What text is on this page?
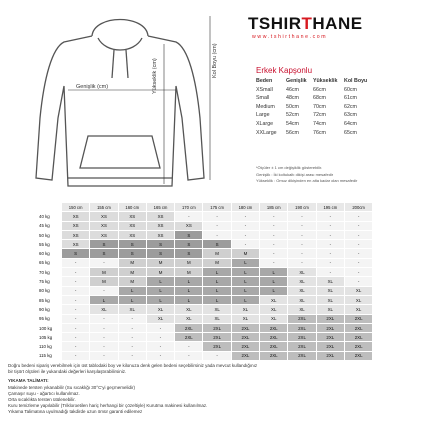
Genişlik (cm)	Yükseklik (cm)	Kol Boyu (cm)
TSHIRTHANE
www.tshirthane.com
Erkek Kapşonlu
Beden	Genişlik	Yükseklik	Kol Boyu
XSmall	46cm	66cm	60cm
Small	48cm	68cm	61cm
Medium	50cm	70cm	62cm
Large	52cm	72cm	63cm
XLarge	54cm	74cm	64cm
XXLarge	56cm	76cm	65cm
*Ölçüler ± 1 cm değişiklik gösterebilir.
Genişlik : İki koltukaltı dikişi arası mesafedir
Yükseklik : Omuz dikişinden en alta kadar olan mesafedir
	150 cm	155 cm	160 cm	165 cm	170 cm	175 cm	180 cm	185 cm	190 cm	195 cm	200cm
40 kg	XS	XS	XS	XS	-	-	-	-	-	-	-
45 kg	XS	XS	XS	XS	XS	-	-	-	-	-	-
50 kg	XS	XS	XS	XS	S	-	-	-	-	-	-
55 kg	XS	S	S	S	S	S	-	-	-	-	-
60 kg	S	S	S	S	S	M	M	-	-	-	-
65 kg	-	-	M	M	M	M	L	-	-	-	-
70 kg	-	M	M	M	M	L	L	L	XL	-	-
75 kg	-	M	M	L	L	L	L	L	XL	XL	-
80 kg	-	-	L	L	L	L	L	L	XL	XL	XL
85 kg	-	L	L	L	L	L	L	XL	XL	XL	XL
90 kg	-	XL	XL	XL	XL	XL	XL	XL	XL	XL	XL
95 kg	-	-	-	XL	XL	XL	XL	XL	2XL	2XL	2XL
100 kg	-	-	-	-	2XL	2XL	2XL	2XL	2XL	2XL	2XL
105 kg	-	-	-	-	2XL	2XL	2XL	2XL	2XL	2XL	2XL
110 kg	-	-	-	-	-	2XL	2XL	2XL	2XL	2XL	2XL
115 kg	-	-	-	-	-	-	2XL	2XL	2XL	2XL	2XL
Doğru bedeni sipariş verebilmek için üst tablodaki boy ve kilonuza denk gelen bedeni seçebilirsiniz yada mevcut kullandığınız
bir tişört ölçüleri ile yukarıdaki değerleri karşılaştırabilirsiniz.
YIKAMA TALİMATI:
Makinede tersten yıkanabilir (Su sıcaklığı 30°C'yi geçmemelidir)
Çamaşır suyu - ağartıcı kullanılmaz.
Orta sıcaklıkta tersten ütülenebilir.
Kuru temizleme yapılabilir (Trikloroetilen hariç herhangi bir çözeltiyle) Kurutma makinesi kullanılmaz.
Yıkama Talimatına uyulmadığı takdirde uzun ömür garanti edilemez
